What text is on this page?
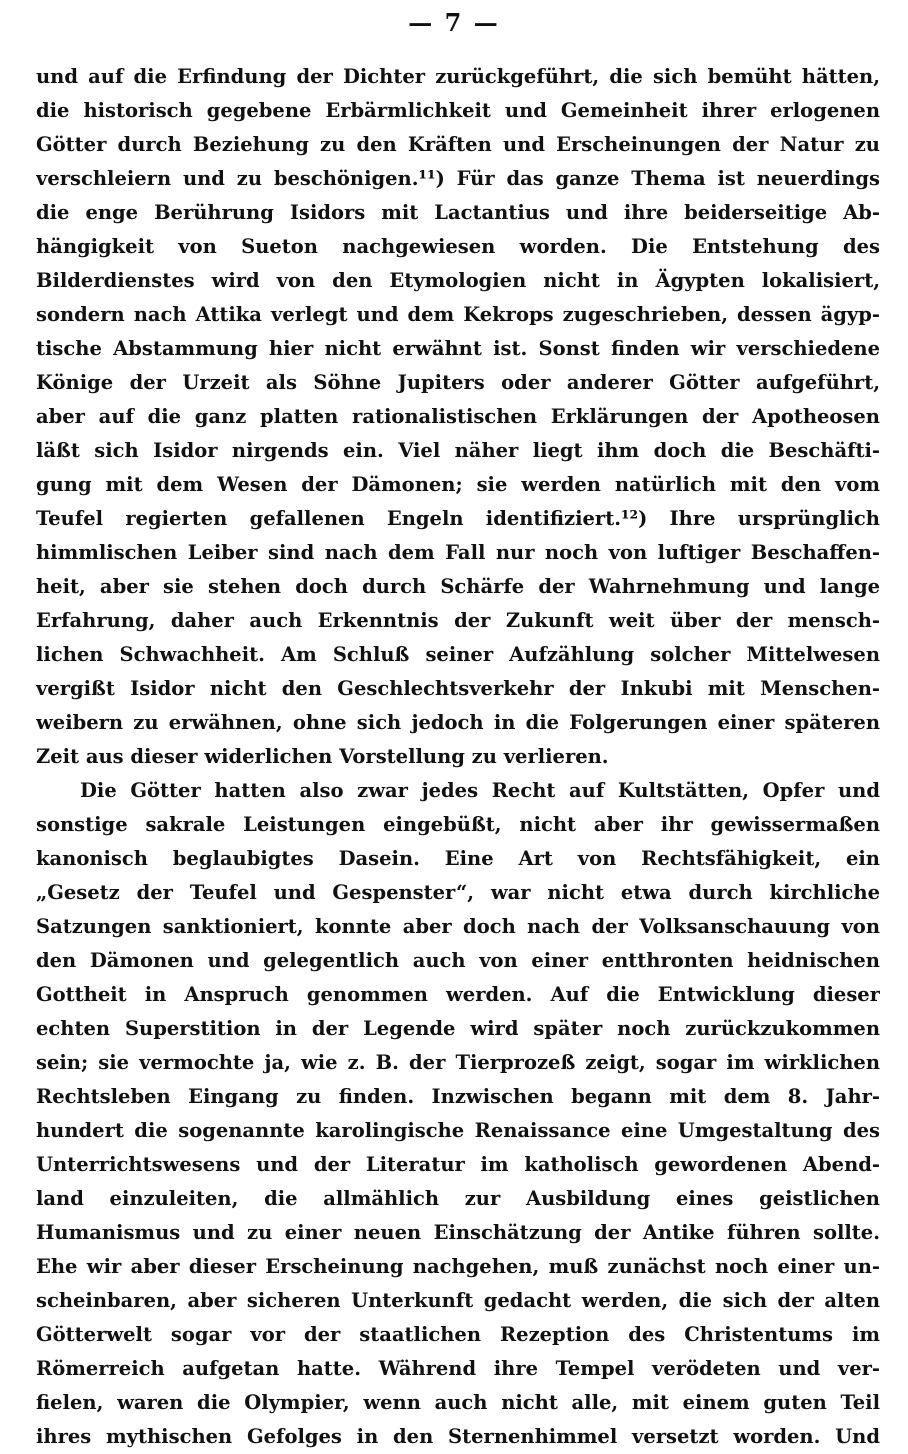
— 7 —
und auf die Erfindung der Dichter zurückgeführt, die sich bemüht hätten,
die historisch gegebene Erbärmlichkeit und Gemeinheit ihrer erlogenen
Götter durch Beziehung zu den Kräften und Erscheinungen der Natur zu
verschleiern und zu beschönigen.¹¹) Für das ganze Thema ist neuerdings
die enge Berührung Isidors mit Lactantius und ihre beiderseitige Ab-
hängigkeit von Sueton nachgewiesen worden. Die Entstehung des
Bilderdienstes wird von den Etymologien nicht in Ägypten lokalisiert,
sondern nach Attika verlegt und dem Kekrops zugeschrieben, dessen ägyp-
tische Abstammung hier nicht erwähnt ist. Sonst finden wir verschiedene
Könige der Urzeit als Söhne Jupiters oder anderer Götter aufgeführt,
aber auf die ganz platten rationalistischen Erklärungen der Apotheosen
läßt sich Isidor nirgends ein. Viel näher liegt ihm doch die Beschäfti-
gung mit dem Wesen der Dämonen; sie werden natürlich mit den vom
Teufel regierten gefallenen Engeln identifiziert.¹²) Ihre ursprünglich
himmlischen Leiber sind nach dem Fall nur noch von luftiger Beschaffen-
heit, aber sie stehen doch durch Schärfe der Wahrnehmung und lange
Erfahrung, daher auch Erkenntnis der Zukunft weit über der mensch-
lichen Schwachheit. Am Schluß seiner Aufzählung solcher Mittelwesen
vergißt Isidor nicht den Geschlechtsverkehr der Inkubi mit Menschen-
weibern zu erwähnen, ohne sich jedoch in die Folgerungen einer späteren
Zeit aus dieser widerlichen Vorstellung zu verlieren.
Die Götter hatten also zwar jedes Recht auf Kultstätten, Opfer und
sonstige sakrale Leistungen eingebüßt, nicht aber ihr gewissermaßen
kanonisch beglaubigtes Dasein. Eine Art von Rechtsfähigkeit, ein
„Gesetz der Teufel und Gespenster“, war nicht etwa durch kirchliche
Satzungen sanktioniert, konnte aber doch nach der Volksanschauung von
den Dämonen und gelegentlich auch von einer entthronten heidnischen
Gottheit in Anspruch genommen werden. Auf die Entwicklung dieser
echten Superstition in der Legende wird später noch zurückzukommen
sein; sie vermochte ja, wie z. B. der Tierprozeß zeigt, sogar im wirklichen
Rechtsleben Eingang zu finden. Inzwischen begann mit dem 8. Jahr-
hundert die sogenannte karolingische Renaissance eine Umgestaltung des
Unterrichtswesens und der Literatur im katholisch gewordenen Abend-
land einzuleiten, die allmählich zur Ausbildung eines geistlichen
Humanismus und zu einer neuen Einschätzung der Antike führen sollte.
Ehe wir aber dieser Erscheinung nachgehen, muß zunächst noch einer un-
scheinbaren, aber sicheren Unterkunft gedacht werden, die sich der alten
Götterwelt sogar vor der staatlichen Rezeption des Christentums im
Römerreich aufgetan hatte. Während ihre Tempel verödeten und ver-
fielen, waren die Olympier, wenn auch nicht alle, mit einem guten Teil
ihres mythischen Gefolges in den Sternenhimmel versetzt worden. Und
